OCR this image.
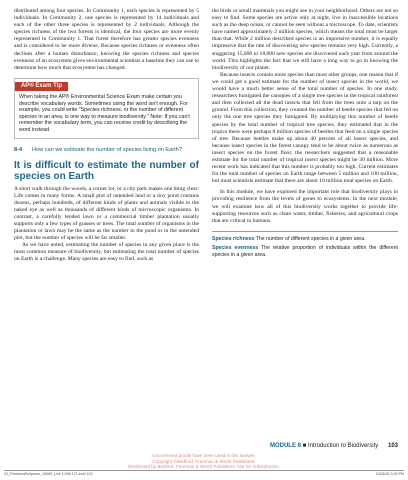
distributed among four species. In Community 1, each species is represented by 5 individuals. In Community 2, one species is represented by 14 individuals and each of the other three species is represented by 2 individuals. Although the species richness of the two forests is identical, the four species are more evenly represented in Community 1. That forest therefore has greater species evenness and is considered to be more diverse. Because species richness or evenness often declines after a human disturbance, knowing the species richness and species evenness of an ecosystem gives environmental scientists a baseline they can use to determine how much that ecosystem has changed.

AP® Exam Tip
When taking the AP® Environmental Science Exam make certain you describe vocabulary words. Sometimes using the word isn't enough. For example, you could write "Species richness, or the number of different species in an area, is one way to measure biodiversity." Note: If you can't remember the vocabulary term, you can receive credit by describing the word instead.
8-4	How can we estimate the number of species living on Earth?
It is difficult to estimate the number of species on Earth

A short walk through the woods, a corner lot, or a city park makes one thing clear: Life comes in many forms. A small plot of untended land or a tiny pond contains dozens, perhaps hundreds, of different kinds of plants and animals visible to the naked eye as well as thousands of different kinds of microscopic organisms. In contrast, a carefully tended lawn or a commercial timber plantation usually supports only a few types of grasses or trees. The total number of organisms in the plantation or lawn may be the same as the number in the pond or in the untended plot, but the number of species will be far smaller.

As we have noted, estimating the number of species in any given place is the most common measure of biodiversity, but estimating the total number of species on Earth is a challenge. Many species are easy to find, such as

the birds or small mammals you might see in your neighborhood. Others are not so easy to find. Some species are active only at night, live in inaccessible locations such as the deep ocean, or cannot be seen without a microscope. To date, scientists have named approximately 2 million species, which means the total must be larger than that. While 2 million described species is an impressive number, it is equally impressive that the rate of discovering new species remains very high. Currently, a staggering 15,000 to 18,000 new species are discovered each year from around the world. This highlights the fact that we still have a long way to go in knowing the biodiversity of our planet.

Because insects contain more species than most other groups, one reason that if we could get a good estimate for the number of insect species in the world, we would have a much better sense of the total number of species. In one study, researchers fumigated the canopies of a single tree species in the tropical rainforest and then collected all the dead insects that fell from the trees onto a tarp on the ground. From this collection, they counted the number of beetle species that fed on only the one tree species they fumigated. By multiplying this number of beetle species by the total number of tropical tree species, they estimated that in the tropics there were perhaps 8 million species of beetles that feed on a single species of tree. Because beetles make up about 40 percent of all insect species, and because insect species in the forest canopy tend to be about twice as numerous as insect species on the forest floor, the researchers suggested that a reasonable estimate for the total number of tropical insect species might be 30 million. More recent work has indicated that this number is probably too high. Current estimates for the total number of species on Earth range between 5 million and 100 million, but most scientists estimate that there are about 10 million total species on Earth.

In this module, we have explored the important role that biodiversity plays in providing resilience from the levels of genes to ecosystems. In the next module, we will examine how all of this biodiversity works together to provide life-supporting resources such as clean water, timber, fisheries, and agricultural crops that are critical to humans.

Species richness The number of different species in a given area.
Species evenness The relative proportion of individuals within the different species in a given area.
MODULE 8 ■ Introduction to Biodiversity 103
Uncorrected proofs have been used in this sample.
Copyright ©Bedford, Freeman & Worth Publishers.
Distributed by Bedford, Freeman & Worth Publishers. Not for redistribution.
03_FriedlandRelyea4e_10685_Unit 3 098-171.indd 103	10/06/20 3:26 PM
